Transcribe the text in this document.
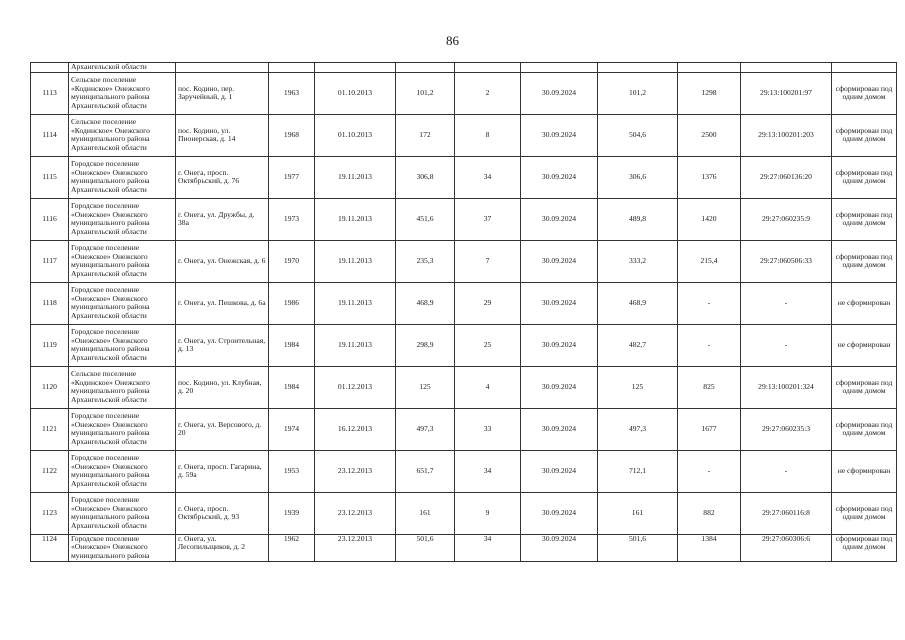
86
	Архангельской области										
1113	Сельское поселение «Кодинское» Онежского муниципального района Архангельской области	пос. Кодино, пер. Заручейный, д. 1	1963	01.10.2013	101,2	2	30.09.2024	101,2	1298	29:13:100201:97	сформирован под одним домом
1114	Сельское поселение «Кодинское» Онежского муниципального района Архангельской области	пос. Кодино, ул. Пионерская, д. 14	1968	01.10.2013	172	8	30.09.2024	504,6	2500	29:13:100201:203	сформирован под одним домом
1115	Городское поселение «Онежское» Онежского муниципального района Архангельской области	г. Онега, просп. Октябрьский, д. 76	1977	19.11.2013	306,8	34	30.09.2024	306,6	1376	29:27:060136:20	сформирован под одним домом
1116	Городское поселение «Онежское» Онежского муниципального района Архангельской области	г. Онега, ул. Дружбы, д. 38а	1973	19.11.2013	451,6	37	30.09.2024	489,8	1420	29:27:060235:9	сформирован под одним домом
1117	Городское поселение «Онежское» Онежского муниципального района Архангельской области	г. Онега, ул. Онежская, д. 6	1970	19.11.2013	235,3	7	30.09.2024	333,2	215,4	29:27:060506:33	сформирован под одним домом
1118	Городское поселение «Онежское» Онежского муниципального района Архангельской области	г. Онега, ул. Пешкова, д. 6а	1986	19.11.2013	468,9	29	30.09.2024	468,9	-	-	не сформирован
1119	Городское поселение «Онежское» Онежского муниципального района Архангельской области	г. Онега, ул. Строительная, д. 13	1984	19.11.2013	298,9	25	30.09.2024	482,7	-	-	не сформирован
1120	Сельское поселение «Кодинское» Онежского муниципального района Архангельской области	пос. Кодино, ул. Клубная, д. 20	1984	01.12.2013	125	4	30.09.2024	125	825	29:13:100201:324	сформирован под одним домом
1121	Городское поселение «Онежское» Онежского муниципального района Архангельской области	г. Онега, ул. Версового, д. 20	1974	16.12.2013	497,3	33	30.09.2024	497,3	1677	29:27:060235:3	сформирован под одним домом
1122	Городское поселение «Онежское» Онежского муниципального района Архангельской области	г. Онега, просп. Гагарина, д. 59а	1953	23.12.2013	651,7	34	30.09.2024	712,1	-	-	не сформирован
1123	Городское поселение «Онежское» Онежского муниципального района Архангельской области	г. Онега, просп. Октябрьский, д. 93	1939	23.12.2013	161	9	30.09.2024	161	882	29:27:060116:8	сформирован под одним домом
1124	Городское поселение «Онежское» Онежского муниципального района	г. Онега, ул. Лесопильщиков, д. 2	1962	23.12.2013	501,6	34	30.09.2024	501,6	1384	29:27:060306:6	сформирован под одним домом
